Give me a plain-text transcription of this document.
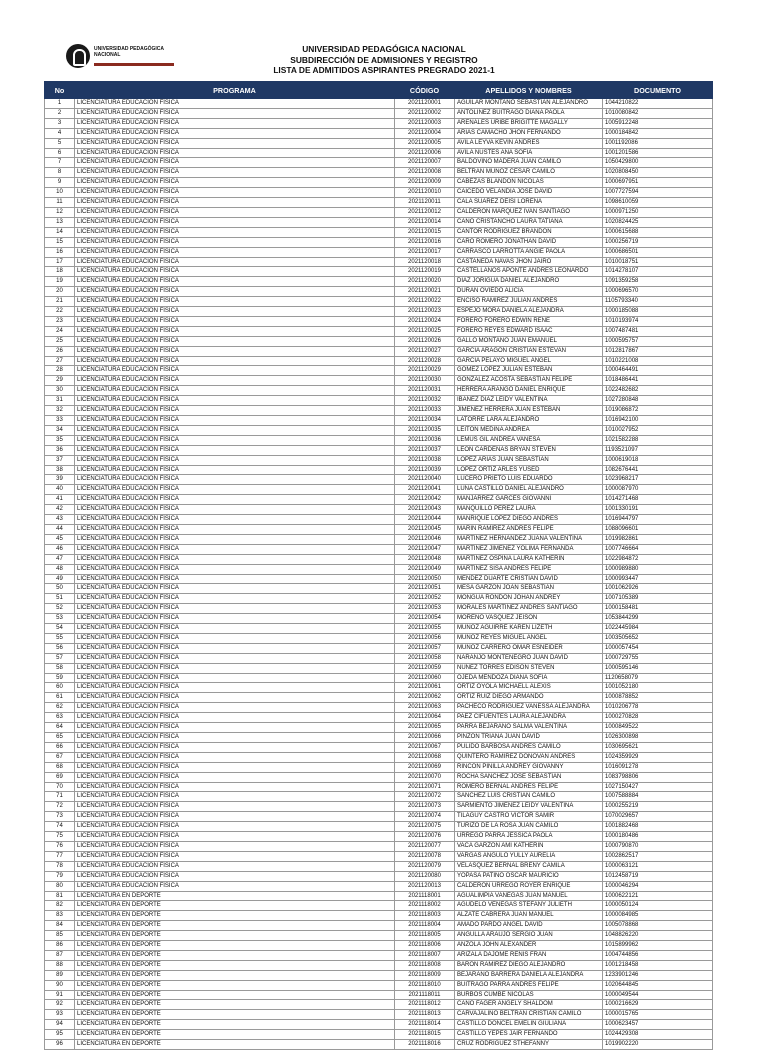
UNIVERSIDAD PEDAGÓGICA
NACIONAL
UNIVERSIDAD PEDAGÓGICA NACIONAL
SUBDIRECCIÓN DE ADMISIONES Y REGISTRO
LISTA DE ADMITIDOS ASPIRANTES PREGRADO 2021-1
No	PROGRAMA	CÓDIGO	APELLIDOS Y NOMBRES	DOCUMENTO
1	LICENCIATURA EDUCACIÓN FÍSICA	2021120001	AGUILAR MONTANO SEBASTIAN ALEJANDRO	1044210822
2	LICENCIATURA EDUCACIÓN FÍSICA	2021120002	ANTOLINEZ BUITRAGO DIANA PAOLA	1010080842
3	LICENCIATURA EDUCACIÓN FÍSICA	2021120003	ARENALES URIBE BRIGITTE MAGALLY	1005912248
4	LICENCIATURA EDUCACIÓN FÍSICA	2021120004	ARIAS CAMACHO JHON FERNANDO	1000184842
5	LICENCIATURA EDUCACIÓN FÍSICA	2021120005	AVILA LEYVA KEVIN ANDRES	1001192086
6	LICENCIATURA EDUCACIÓN FÍSICA	2021120006	AVILA NUSTES ANA SOFIA	1001201586
7	LICENCIATURA EDUCACIÓN FÍSICA	2021120007	BALDOVINO MADERA JUAN CAMILO	1050429800
8	LICENCIATURA EDUCACIÓN FÍSICA	2021120008	BELTRAN MUNOZ CESAR CAMILO	1020808450
9	LICENCIATURA EDUCACIÓN FÍSICA	2021120009	CABEZAS BLANDON NICOLAS	1000697951
10	LICENCIATURA EDUCACIÓN FÍSICA	2021120010	CAICEDO VELANDIA JOSE DAVID	1007727594
11	LICENCIATURA EDUCACIÓN FÍSICA	2021120011	CALA SUAREZ DEISI LORENA	1098610059
12	LICENCIATURA EDUCACIÓN FÍSICA	2021120012	CALDERON MARQUEZ IVAN SANTIAGO	1000971250
13	LICENCIATURA EDUCACIÓN FÍSICA	2021120014	CANO CRISTANCHO LAURA TATIANA	1020824425
14	LICENCIATURA EDUCACIÓN FÍSICA	2021120015	CANTOR RODRIGUEZ BRANDON	1000615688
15	LICENCIATURA EDUCACIÓN FÍSICA	2021120016	CARO ROMERO JONATHAN DAVID	1000256719
16	LICENCIATURA EDUCACIÓN FÍSICA	2021120017	CARRASCO LARROTTA ANGIE PAOLA	1000686501
17	LICENCIATURA EDUCACIÓN FÍSICA	2021120018	CASTANEDA NAVAS JHON JAIRO	1010018751
18	LICENCIATURA EDUCACIÓN FÍSICA	2021120019	CASTELLANOS APONTE ANDRES LEONARDO	1014278107
19	LICENCIATURA EDUCACIÓN FÍSICA	2021120020	DIAZ JORIGUA DANIEL ALEJANDRO	1091359258
20	LICENCIATURA EDUCACIÓN FÍSICA	2021120021	DURAN OVIEDO ALICIA	1000696570
21	LICENCIATURA EDUCACIÓN FÍSICA	2021120022	ENCISO RAMIREZ JULIAN ANDRES	1105793340
22	LICENCIATURA EDUCACIÓN FÍSICA	2021120023	ESPEJO MORA DANIELA ALEJANDRA	1000185088
23	LICENCIATURA EDUCACIÓN FÍSICA	2021120024	FORERO FORERO EDWIN RENE	1010193974
24	LICENCIATURA EDUCACIÓN FÍSICA	2021120025	FORERO REYES EDWARD ISAAC	1007487481
25	LICENCIATURA EDUCACIÓN FÍSICA	2021120026	GALLO MONTAÑO JUAN EMANUEL	1000595757
26	LICENCIATURA EDUCACIÓN FÍSICA	2021120027	GARCIA ARAGON CRISTIAN ESTEVAN	1012817867
27	LICENCIATURA EDUCACIÓN FÍSICA	2021120028	GARCIA PELAYO MIGUEL ANGEL	1010221008
28	LICENCIATURA EDUCACIÓN FÍSICA	2021120029	GOMEZ LOPEZ JULIAN ESTEBAN	1000464491
29	LICENCIATURA EDUCACIÓN FÍSICA	2021120030	GONZALEZ ACOSTA SEBASTIAN FELIPE	1018486441
30	LICENCIATURA EDUCACIÓN FÍSICA	2021120031	HERRERA ARANGO DANIEL ENRIQUE	1022482682
31	LICENCIATURA EDUCACIÓN FÍSICA	2021120032	IBANEZ DIAZ LEIDY VALENTINA	1027280848
32	LICENCIATURA EDUCACIÓN FÍSICA	2021120033	JIMENEZ HERRERA JUAN ESTEBAN	1019086872
33	LICENCIATURA EDUCACIÓN FÍSICA	2021120034	LATORRE LARA ALEJANDRO	1016942100
34	LICENCIATURA EDUCACIÓN FÍSICA	2021120035	LEITON MEDINA ANDREA	1010027952
35	LICENCIATURA EDUCACIÓN FÍSICA	2021120036	LEMUS GIL ANDREA VANESA	1021582288
36	LICENCIATURA EDUCACIÓN FÍSICA	2021120037	LEON CARDENAS BRYAN STEVEN	1193521097
37	LICENCIATURA EDUCACIÓN FÍSICA	2021120038	LOPEZ ARIAS JUAN SEBASTIAN	1000619018
38	LICENCIATURA EDUCACIÓN FÍSICA	2021120039	LOPEZ ORTIZ ARLES YUSED	1082676441
39	LICENCIATURA EDUCACIÓN FÍSICA	2021120040	LUCERO PRIETO LUIS EDUARDO	1023968217
40	LICENCIATURA EDUCACIÓN FÍSICA	2021120041	LUNA CASTILLO DANIEL ALEJANDRO	1000087970
41	LICENCIATURA EDUCACIÓN FÍSICA	2021120042	MANJARREZ GARCES GIOVANNI	1014271468
42	LICENCIATURA EDUCACIÓN FÍSICA	2021120043	MANQUILLO PEREZ LAURA	1001330191
43	LICENCIATURA EDUCACIÓN FÍSICA	2021120044	MANRIQUE LOPEZ DIEGO ANDRES	1016944797
44	LICENCIATURA EDUCACIÓN FÍSICA	2021120045	MARIN RAMIREZ ANDRES FELIPE	1088096601
45	LICENCIATURA EDUCACIÓN FÍSICA	2021120046	MARTINEZ HERNANDEZ JUANA VALENTINA	1019982861
46	LICENCIATURA EDUCACIÓN FÍSICA	2021120047	MARTINEZ JIMENEZ YOLIMA FERNANDA	1007746664
47	LICENCIATURA EDUCACIÓN FÍSICA	2021120048	MARTINEZ OSPINA LAURA KATHERIN	1022984872
48	LICENCIATURA EDUCACIÓN FÍSICA	2021120049	MARTINEZ SISA ANDRES FELIPE	1000989880
49	LICENCIATURA EDUCACIÓN FÍSICA	2021120050	MENDEZ DUARTE CRISTIAN DAVID	1000993447
50	LICENCIATURA EDUCACIÓN FÍSICA	2021120051	MESA GARZON JOAN SEBASTIAN	1001062926
51	LICENCIATURA EDUCACIÓN FÍSICA	2021120052	MONGUA RONDON JOHAN ANDREY	1007105389
52	LICENCIATURA EDUCACIÓN FÍSICA	2021120053	MORALES MARTINEZ ANDRES SANTIAGO	1000158481
53	LICENCIATURA EDUCACIÓN FÍSICA	2021120054	MORENO VASQUEZ JEISON	1053844299
54	LICENCIATURA EDUCACIÓN FÍSICA	2021120055	MUNOZ AGUIRRE KAREN LIZETH	1022445984
55	LICENCIATURA EDUCACIÓN FÍSICA	2021120056	MUÑOZ REYES MIGUEL ANGEL	1003505652
56	LICENCIATURA EDUCACIÓN FÍSICA	2021120057	MUÑOZ CARRERO OMAR ESNEIDER	1000057454
57	LICENCIATURA EDUCACIÓN FÍSICA	2021120058	NARANJO MONTENEGRO JUAN DAVID	1000729755
58	LICENCIATURA EDUCACIÓN FÍSICA	2021120059	NUNEZ TORRES EDISON STEVEN	1000595146
59	LICENCIATURA EDUCACIÓN FÍSICA	2021120060	OJEDA MENDOZA DIANA SOFIA	1120658079
60	LICENCIATURA EDUCACIÓN FÍSICA	2021120061	ORTIZ OYOLA MICHAELL ALEXIS	1001052180
61	LICENCIATURA EDUCACIÓN FÍSICA	2021120062	ORTIZ RUIZ DIEGO ARMANDO	1000878852
62	LICENCIATURA EDUCACIÓN FÍSICA	2021120063	PACHECO RODRIGUEZ VANESSA ALEJANDRA	1010206778
63	LICENCIATURA EDUCACIÓN FÍSICA	2021120064	PAEZ CIFUENTES LAURA ALEJANDRA	1000270828
64	LICENCIATURA EDUCACIÓN FÍSICA	2021120065	PARRA BEJARANO SALMA VALENTINA	1000849522
65	LICENCIATURA EDUCACIÓN FÍSICA	2021120066	PINZON TRIANA JUAN DAVID	1026300898
66	LICENCIATURA EDUCACIÓN FÍSICA	2021120067	PULIDO BARBOSA ANDRES CAMILO	1030695621
67	LICENCIATURA EDUCACIÓN FÍSICA	2021120068	QUINTERO RAMIREZ DONOVAN ANDRES	1024359929
68	LICENCIATURA EDUCACIÓN FÍSICA	2021120069	RINCON PINILLA ANDREY GIOVANNY	1016091278
69	LICENCIATURA EDUCACIÓN FÍSICA	2021120070	ROCHA SANCHEZ JOSE SEBASTIAN	1083798806
70	LICENCIATURA EDUCACIÓN FÍSICA	2021120071	ROMERO BERNAL ANDRES FELIPE	1027150427
71	LICENCIATURA EDUCACIÓN FÍSICA	2021120072	SANCHEZ LUIS CRISTIAN CAMILO	1007588884
72	LICENCIATURA EDUCACIÓN FÍSICA	2021120073	SARMIENTO JIMENEZ LEIDY VALENTINA	1000255219
73	LICENCIATURA EDUCACIÓN FÍSICA	2021120074	TILAGUY CASTRO VICTOR SAMIR	1070029657
74	LICENCIATURA EDUCACIÓN FÍSICA	2021120075	TURIZO DE LA ROSA JUAN CAMILO	1001882468
75	LICENCIATURA EDUCACIÓN FÍSICA	2021120076	URREGO PARRA JESSICA PAOLA	1000180486
76	LICENCIATURA EDUCACIÓN FÍSICA	2021120077	VACA GARZON AMI KATHERIN	1000790870
77	LICENCIATURA EDUCACIÓN FÍSICA	2021120078	VARGAS ANGULO YULLY AURELIA	1002862517
78	LICENCIATURA EDUCACIÓN FÍSICA	2021120079	VELASQUEZ BERNAL BRENY CAMILA	1000063121
79	LICENCIATURA EDUCACIÓN FÍSICA	2021120080	YOPASA PATIÑO OSCAR MAURICIO	1012458719
80	LICENCIATURA EDUCACIÓN FÍSICA	2021120013	CALDERON URREGO ROYER ENRIQUE	1000046294
81	LICENCIATURA EN DEPORTE	2021118001	AGUALIMPIA VANEGAS JUAN MANUEL	1000622121
82	LICENCIATURA EN DEPORTE	2021118002	AGUDELO VENEGAS STEFANY JULIETH	1000050124
83	LICENCIATURA EN DEPORTE	2021118003	ALZATE CABRERA JUAN MANUEL	1000084985
84	LICENCIATURA EN DEPORTE	2021118004	AMADO PARDO ANGEL DAVID	1005078868
85	LICENCIATURA EN DEPORTE	2021118005	ANGULLA ARAUJO SERGIO JUAN	1048826220
86	LICENCIATURA EN DEPORTE	2021118006	ANZOLA JOHN ALEXANDER	1015899962
87	LICENCIATURA EN DEPORTE	2021118007	ARIZALA DAJOME RENIS FRAN	1004744856
88	LICENCIATURA EN DEPORTE	2021118008	BARON RAMIREZ DIEGO ALEJANDRO	1001218458
89	LICENCIATURA EN DEPORTE	2021118009	BEJARANO BARRERA DANIELA ALEJANDRA	1233901246
90	LICENCIATURA EN DEPORTE	2021118010	BUITRAGO PARRA ANDRES FELIPE	1020644845
91	LICENCIATURA EN DEPORTE	2021118011	BURBOS CUMBE NICOLAS	1000049544
92	LICENCIATURA EN DEPORTE	2021118012	CANO FAGER ANGELY SHALDOM	1000216629
93	LICENCIATURA EN DEPORTE	2021118013	CARVAJALINO BELTRAN CRISTIAN CAMILO	1000015765
94	LICENCIATURA EN DEPORTE	2021118014	CASTILLO DONCEL EMELIN GIULIANA	1000623457
95	LICENCIATURA EN DEPORTE	2021118015	CASTILLO YEPES JAIR FERNANDO	1024429308
96	LICENCIATURA EN DEPORTE	2021118016	CRUZ RODRIGUEZ STHEFANNY	1019902220
